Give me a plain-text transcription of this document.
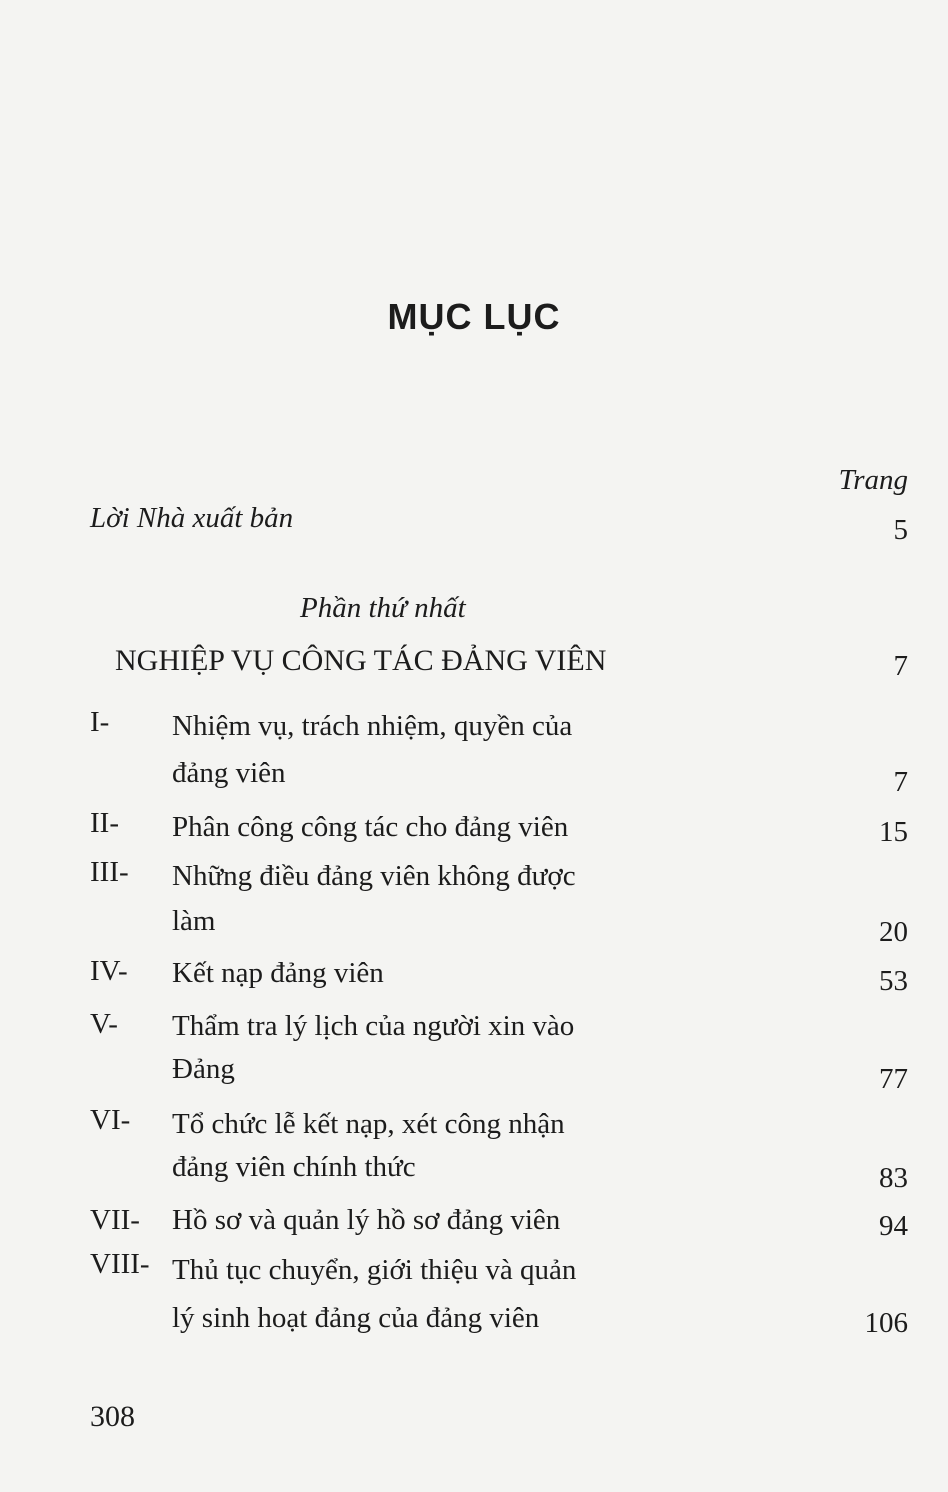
MỤC LỤC
Trang
Lời Nhà xuất bản	5
Phần thứ nhất
NGHIỆP VỤ CÔNG TÁC ĐẢNG VIÊN	7
I- Nhiệm vụ, trách nhiệm, quyền của
đảng viên	7
II- Phân công công tác cho đảng viên	15
III- Những điều đảng viên không được
làm	20
IV- Kết nạp đảng viên	53
V- Thẩm tra lý lịch của người xin vào
Đảng	77
VI- Tổ chức lễ kết nạp, xét công nhận
đảng viên chính thức	83
VII- Hồ sơ và quản lý hồ sơ đảng viên	94
VIII- Thủ tục chuyển, giới thiệu và quản
lý sinh hoạt đảng của đảng viên	106
308
